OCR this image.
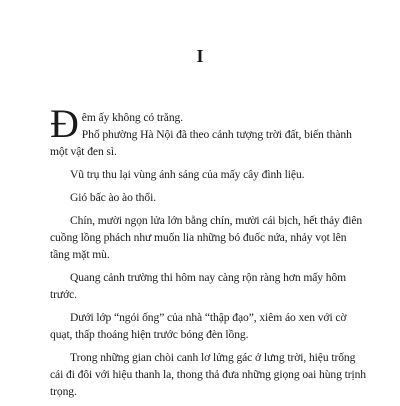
I

Đ êm ấy không có trăng.
Phố phường Hà Nội đã theo cảnh tượng trời đất, biến thành một vật đen sì.

Vũ trụ thu lại vùng ánh sáng của mấy cây đình liệu.

Gió bấc ào ào thổi.

Chín, mười ngọn lửa lớn bằng chín, mười cái bịch, hết thảy điên cuồng lồng phách như muốn lia những bó đuốc nứa, nhảy vọt lên tầng mặt mù.

Quang cảnh trường thi hôm nay càng rộn ràng hơn mấy hôm trước.

Dưới lớp “ngói ống” của nhà “thập đạo”, xiêm áo xen với cờ quạt, thấp thoáng hiện trước bóng đèn lồng.

Trong những gian chòi canh lơ lửng gác ở lưng trời, hiệu trống cái đi đôi với hiệu thanh la, thong thả đưa những giọng oai hùng trịnh trọng.
